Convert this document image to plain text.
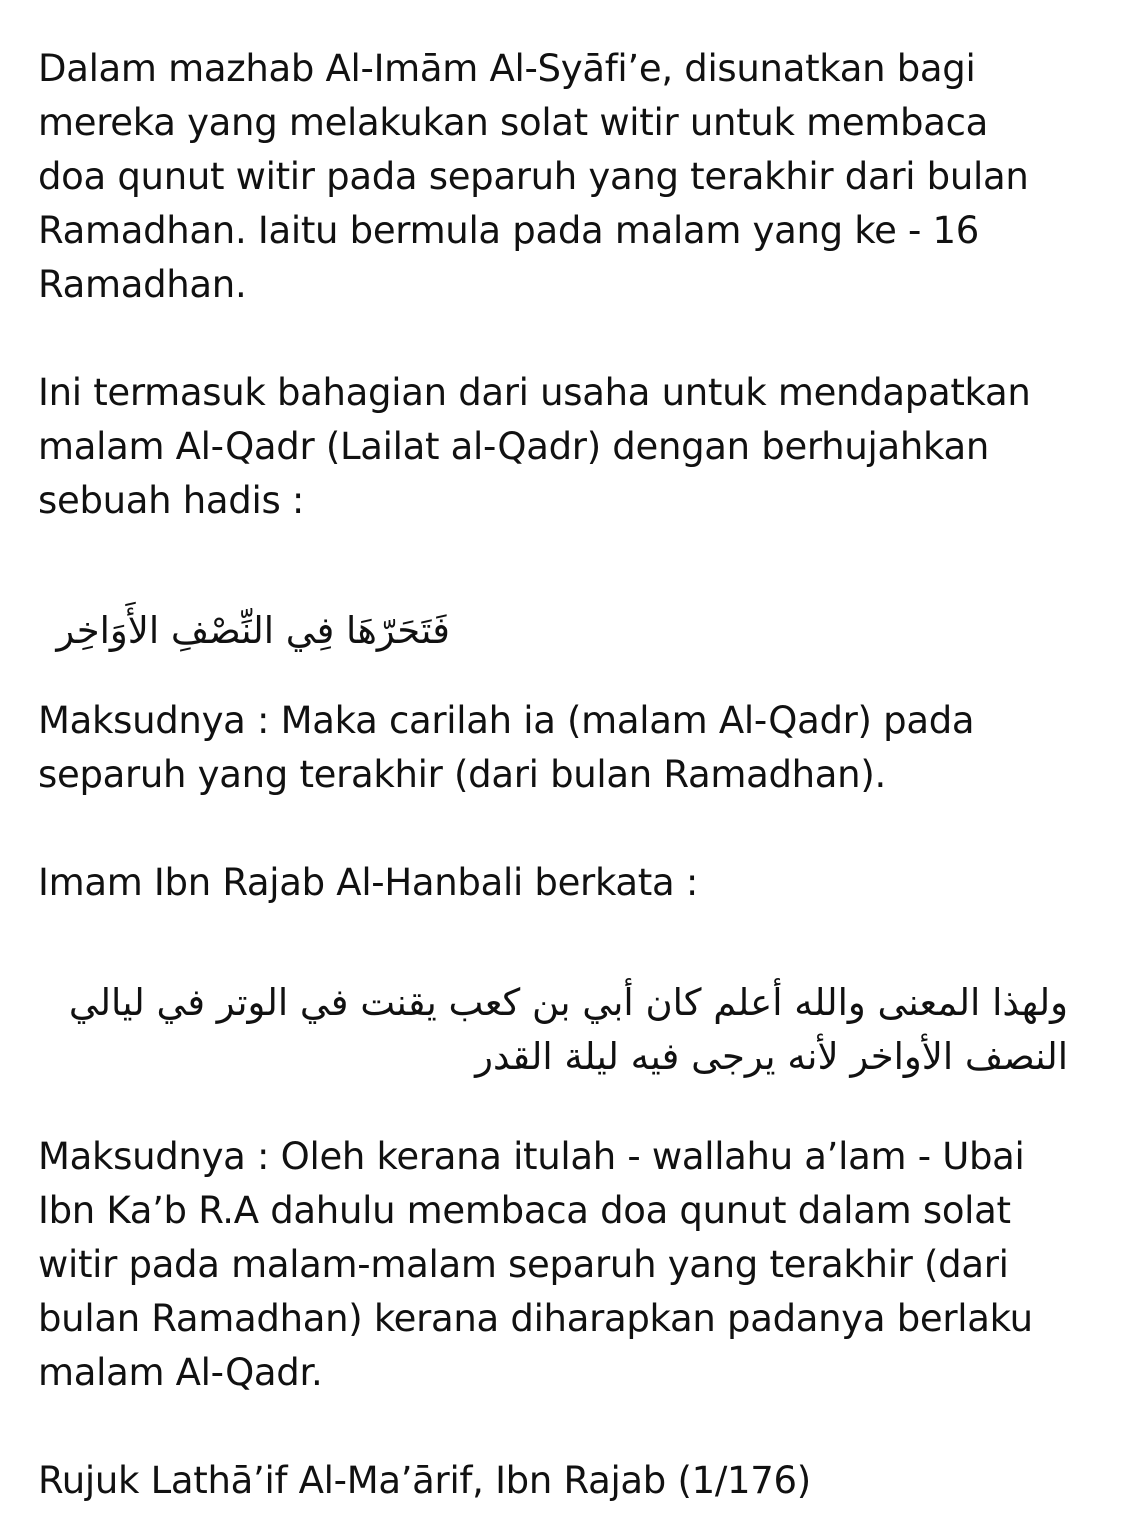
Dalam mazhab Al-Imām Al-Syāfi’e, disunatkan bagi
mereka yang melakukan solat witir untuk membaca
doa qunut witir pada separuh yang terakhir dari bulan
Ramadhan. Iaitu bermula pada malam yang ke - 16
Ramadhan.

Ini termasuk bahagian dari usaha untuk mendapatkan
malam Al-Qadr (Lailat al-Qadr) dengan berhujahkan
sebuah hadis :

فَتَحَرّهَا فِي النِّصْفِ الأَوَاخِر

Maksudnya : Maka carilah ia (malam Al-Qadr) pada
separuh yang terakhir (dari bulan Ramadhan).

Imam Ibn Rajab Al-Hanbali berkata :

ولهذا المعنى والله أعلم كان أبي بن كعب يقنت في الوتر في ليالي
النصف الأواخر لأنه يرجى فيه ليلة القدر

Maksudnya : Oleh kerana itulah - wallahu a’lam - Ubai
Ibn Ka’b R.A dahulu membaca doa qunut dalam solat
witir pada malam-malam separuh yang terakhir (dari
bulan Ramadhan) kerana diharapkan padanya berlaku
malam Al-Qadr.

Rujuk Lathā’if Al-Ma’ārif, Ibn Rajab (1/176)
